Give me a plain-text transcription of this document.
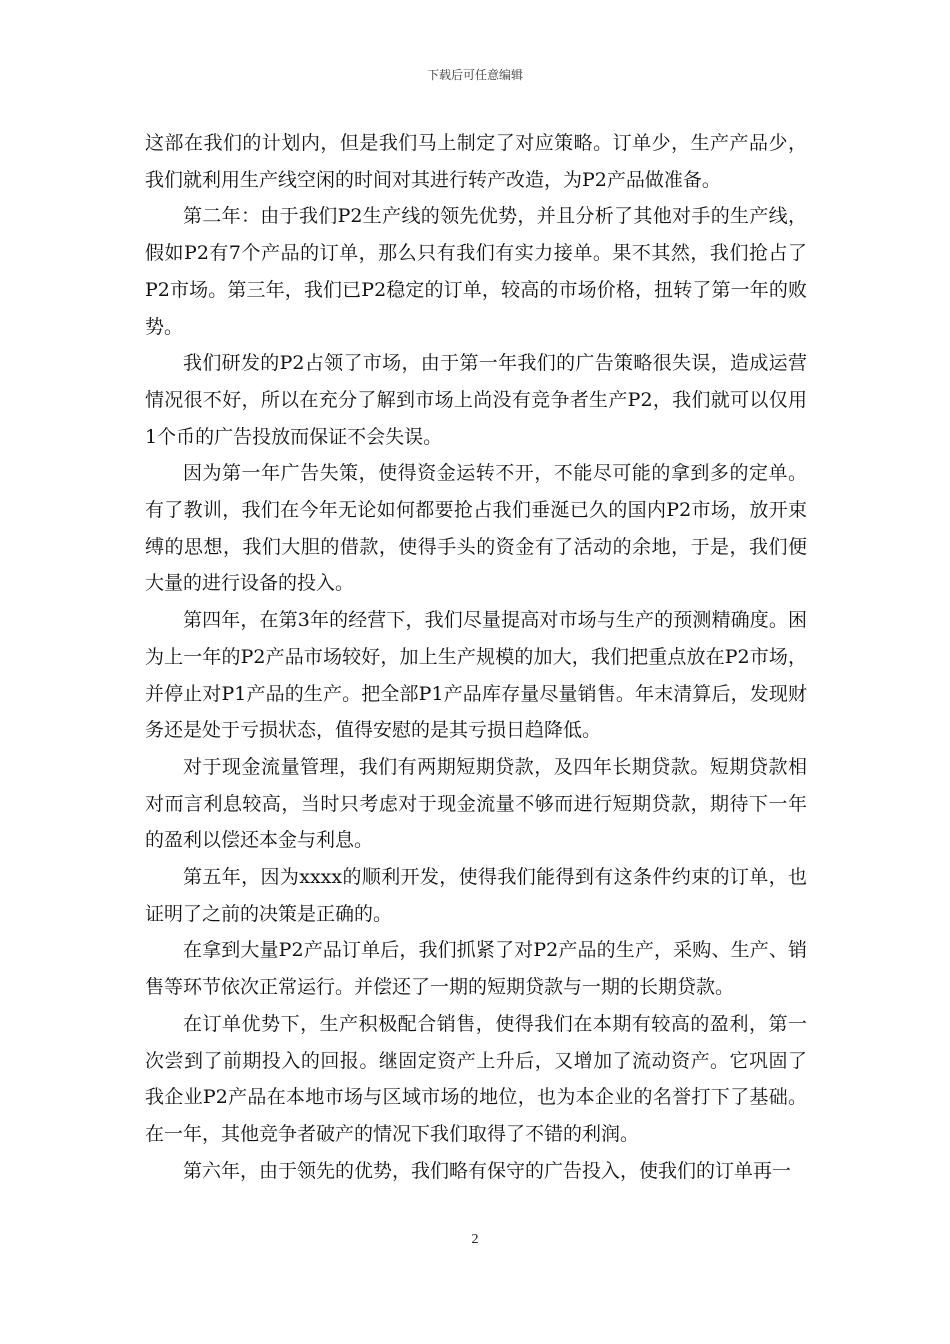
下载后可任意编辑

这部在我们的计划内，但是我们马上制定了对应策略。订单少，生产产品少，我们就利用生产线空闲的时间对其进行转产改造，为P2产品做准备。

第二年：由于我们P2生产线的领先优势，并且分析了其他对手的生产线，假如P2有7个产品的订单，那么只有我们有实力接单。果不其然，我们抢占了P2市场。第三年，我们已P2稳定的订单，较高的市场价格，扭转了第一年的败势。

我们研发的P2占领了市场，由于第一年我们的广告策略很失误，造成运营情况很不好，所以在充分了解到市场上尚没有竞争者生产P2，我们就可以仅用1个币的广告投放而保证不会失误。

因为第一年广告失策，使得资金运转不开，不能尽可能的拿到多的定单。有了教训，我们在今年无论如何都要抢占我们垂涎已久的国内P2市场，放开束缚的思想，我们大胆的借款，使得手头的资金有了活动的余地，于是，我们便大量的进行设备的投入。

第四年，在第3年的经营下，我们尽量提高对市场与生产的预测精确度。困为上一年的P2产品市场较好，加上生产规模的加大，我们把重点放在P2市场，并停止对P1产品的生产。把全部P1产品库存量尽量销售。年末清算后，发现财务还是处于亏损状态，值得安慰的是其亏损日趋降低。

对于现金流量管理，我们有两期短期贷款，及四年长期贷款。短期贷款相对而言利息较高，当时只考虑对于现金流量不够而进行短期贷款，期待下一年的盈利以偿还本金与利息。

第五年，因为xxxx的顺利开发，使得我们能得到有这条件约束的订单，也证明了之前的决策是正确的。

在拿到大量P2产品订单后，我们抓紧了对P2产品的生产，采购、生产、销售等环节依次正常运行。并偿还了一期的短期贷款与一期的长期贷款。

在订单优势下，生产积极配合销售，使得我们在本期有较高的盈利，第一次尝到了前期投入的回报。继固定资产上升后，又增加了流动资产。它巩固了我企业P2产品在本地市场与区域市场的地位，也为本企业的名誉打下了基础。在一年，其他竞争者破产的情况下我们取得了不错的利润。

第六年，由于领先的优势，我们略有保守的广告投入，使我们的订单再一

2
